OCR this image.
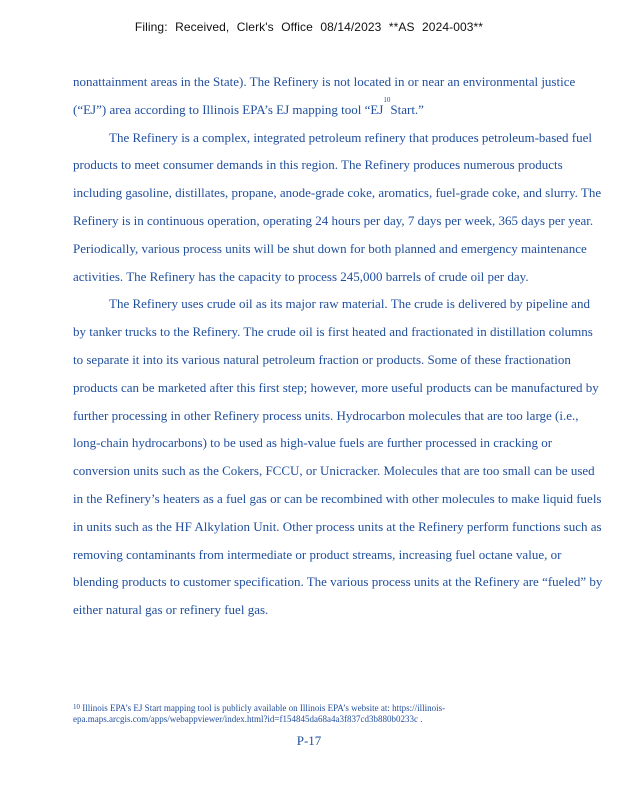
Filing: Received, Clerk's Office 08/14/2023 **AS 2024-003**

nonattainment areas in the State). The Refinery is not located in or near an environmental justice (“EJ”) area according to Illinois EPA’s EJ mapping tool “EJ$^{10}$Start.”

The Refinery is a complex, integrated petroleum refinery that produces petroleum-based fuel products to meet consumer demands in this region. The Refinery produces numerous products including gasoline, distillates, propane, anode-grade coke, aromatics, fuel-grade coke, and slurry. The Refinery is in continuous operation, operating 24 hours per day, 7 days per week, 365 days per year. Periodically, various process units will be shut down for both planned and emergency maintenance activities. The Refinery has the capacity to process 245,000 barrels of crude oil per day.

The Refinery uses crude oil as its major raw material. The crude is delivered by pipeline and by tanker trucks to the Refinery. The crude oil is first heated and fractionated in distillation columns to separate it into its various natural petroleum fraction or products. Some of these fractionation products can be marketed after this first step; however, more useful products can be manufactured by further processing in other Refinery process units. Hydrocarbon molecules that are too large (i.e., long-chain hydrocarbons) to be used as high-value fuels are further processed in cracking or conversion units such as the Cokers, FCCU, or Unicracker. Molecules that are too small can be used in the Refinery’s heaters as a fuel gas or can be recombined with other molecules to make liquid fuels in units such as the HF Alkylation Unit. Other process units at the Refinery perform functions such as removing contaminants from intermediate or product streams, increasing fuel octane value, or blending products to customer specification. The various process units at the Refinery are “fueled” by either natural gas or refinery fuel gas.

$^{10}$ Illinois EPA’s EJ Start mapping tool is publicly available on Illinois EPA’s website at: https://illinois-epa.maps.arcgis.com/apps/webappviewer/index.html?id=f154845da68a4a3f837cd3b880b0233c .
P-17
